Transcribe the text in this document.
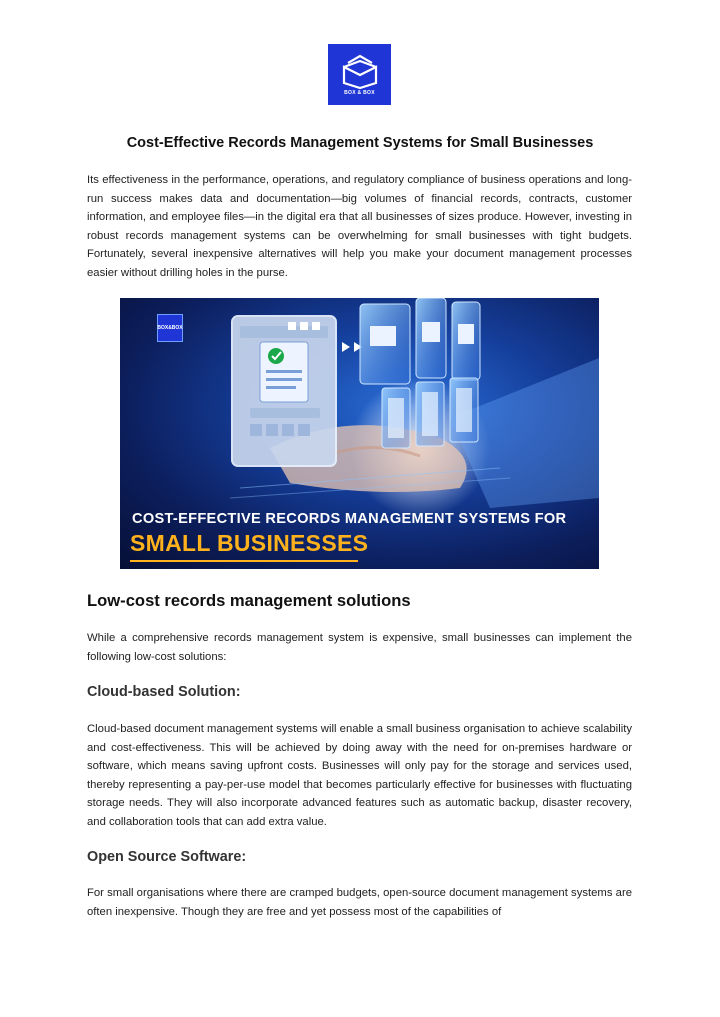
BOX & BOX
Cost-Effective Records Management Systems for Small Businesses

Its effectiveness in the performance, operations, and regulatory compliance of business operations and long-run success makes data and documentation—big volumes of financial records, contracts, customer information, and employee files—in the digital era that all businesses of sizes produce. However, investing in robust records management systems can be overwhelming for small businesses with tight budgets. Fortunately, several inexpensive alternatives will help you make your document management processes easier without drilling holes in the purse.

BOX&BOX
COST-EFFECTIVE RECORDS MANAGEMENT SYSTEMS FOR
SMALL BUSINESSES
Low-cost records management solutions

While a comprehensive records management system is expensive, small businesses can implement the following low-cost solutions:

Cloud-based Solution:

Cloud-based document management systems will enable a small business organisation to achieve scalability and cost-effectiveness. This will be achieved by doing away with the need for on-premises hardware or software, which means saving upfront costs. Businesses will only pay for the storage and services used, thereby representing a pay-per-use model that becomes particularly effective for businesses with fluctuating storage needs. They will also incorporate advanced features such as automatic backup, disaster recovery, and collaboration tools that can add extra value.

Open Source Software:

For small organisations where there are cramped budgets, open-source document management systems are often inexpensive. Though they are free and yet possess most of the capabilities of
